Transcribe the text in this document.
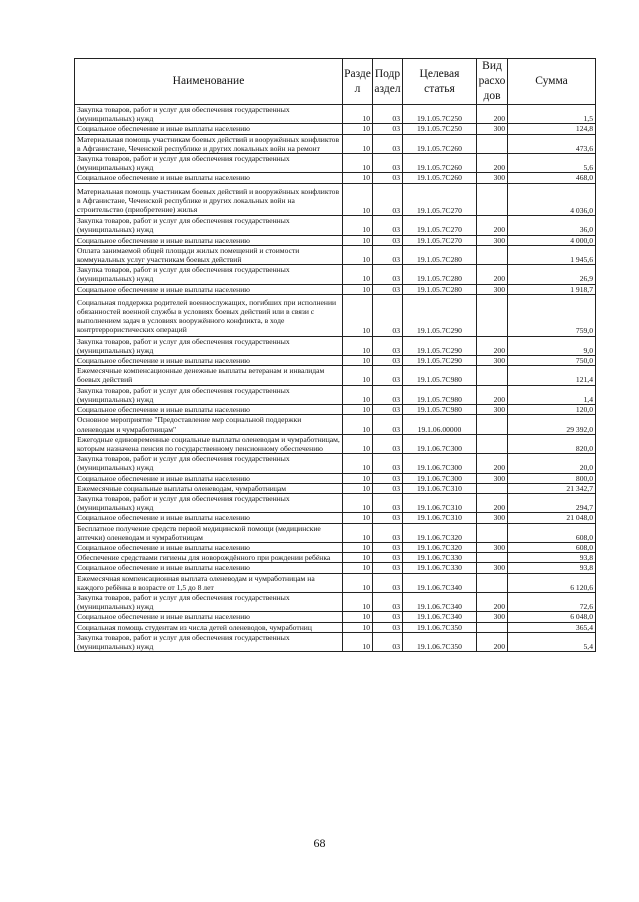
Наименование	Разде л	Подр аздел	Целевая статья	Вид расхо дов	Сумма
Закупка товаров, работ и услуг для обеспечения государственных (муниципальных) нужд	10	03	19.1.05.7С250	200	1,5
Социальное обеспечение и иные выплаты населению	10	03	19.1.05.7С250	300	124,8
Материальная помощь участникам боевых действий и вооружённых конфликтов в Афганистане, Чеченской республике и других локальных войн на ремонт	10	03	19.1.05.7С260		473,6
Закупка товаров, работ и услуг для обеспечения государственных (муниципальных) нужд	10	03	19.1.05.7С260	200	5,6
Социальное обеспечение и иные выплаты населению	10	03	19.1.05.7С260	300	468,0
Материальная помощь участникам боевых действий и вооружённых конфликтов в Афганистане, Чеченской республике и других локальных войн на строительство (приобретение) жилья	10	03	19.1.05.7С270		4 036,0
Закупка товаров, работ и услуг для обеспечения государственных (муниципальных) нужд	10	03	19.1.05.7С270	200	36,0
Социальное обеспечение и иные выплаты населению	10	03	19.1.05.7С270	300	4 000,0
Оплата занимаемой общей площади жилых помещений и стоимости коммунальных услуг участникам боевых действий	10	03	19.1.05.7С280		1 945,6
Закупка товаров, работ и услуг для обеспечения государственных (муниципальных) нужд	10	03	19.1.05.7С280	200	26,9
Социальное обеспечение и иные выплаты населению	10	03	19.1.05.7С280	300	1 918,7
Социальная поддержка родителей военнослужащих, погибших при исполнении обязанностей военной службы в условиях боевых действий или в связи с выполнением задач в условиях вооружённого конфликта, в ходе контртеррористических операций	10	03	19.1.05.7С290		759,0
Закупка товаров, работ и услуг для обеспечения государственных (муниципальных) нужд	10	03	19.1.05.7С290	200	9,0
Социальное обеспечение и иные выплаты населению	10	03	19.1.05.7С290	300	750,0
Ежемесячные компенсационные денежные выплаты ветеранам и инвалидам боевых действий	10	03	19.1.05.7С980		121,4
Закупка товаров, работ и услуг для обеспечения государственных (муниципальных) нужд	10	03	19.1.05.7С980	200	1,4
Социальное обеспечение и иные выплаты населению	10	03	19.1.05.7С980	300	120,0
Основное мероприятие "Предоставление мер социальной поддержки оленеводам и чумработницам"	10	03	19.1.06.00000		29 392,0
Ежегодные единовременные социальные выплаты оленеводам и чумработницам, которым назначена пенсия по государственному пенсионному обеспечению	10	03	19.1.06.7С300		820,0
Закупка товаров, работ и услуг для обеспечения государственных (муниципальных) нужд	10	03	19.1.06.7С300	200	20,0
Социальное обеспечение и иные выплаты населению	10	03	19.1.06.7С300	300	800,0
Ежемесячные социальные выплаты оленеводам, чумработницам	10	03	19.1.06.7С310		21 342,7
Закупка товаров, работ и услуг для обеспечения государственных (муниципальных) нужд	10	03	19.1.06.7С310	200	294,7
Социальное обеспечение и иные выплаты населению	10	03	19.1.06.7С310	300	21 048,0
Бесплатное получение средств первой медицинской помощи (медицинские аптечки) оленеводам и чумработницам	10	03	19.1.06.7С320		608,0
Социальное обеспечение и иные выплаты населению	10	03	19.1.06.7С320	300	608,0
Обеспечение средствами гигиены для новорождённого при рождении ребёнка	10	03	19.1.06.7С330		93,8
Социальное обеспечение и иные выплаты населению	10	03	19.1.06.7С330	300	93,8
Ежемесячная компенсационная выплата оленеводам и чумработницам на каждого ребёнка в возрасте от 1,5 до 8 лет	10	03	19.1.06.7С340		6 120,6
Закупка товаров, работ и услуг для обеспечения государственных (муниципальных) нужд	10	03	19.1.06.7С340	200	72,6
Социальное обеспечение и иные выплаты населению	10	03	19.1.06.7С340	300	6 048,0
Социальная помощь студентам из числа детей оленеводов, чумработниц	10	03	19.1.06.7С350		365,4
Закупка товаров, работ и услуг для обеспечения государственных (муниципальных) нужд	10	03	19.1.06.7С350	200	5,4
68
